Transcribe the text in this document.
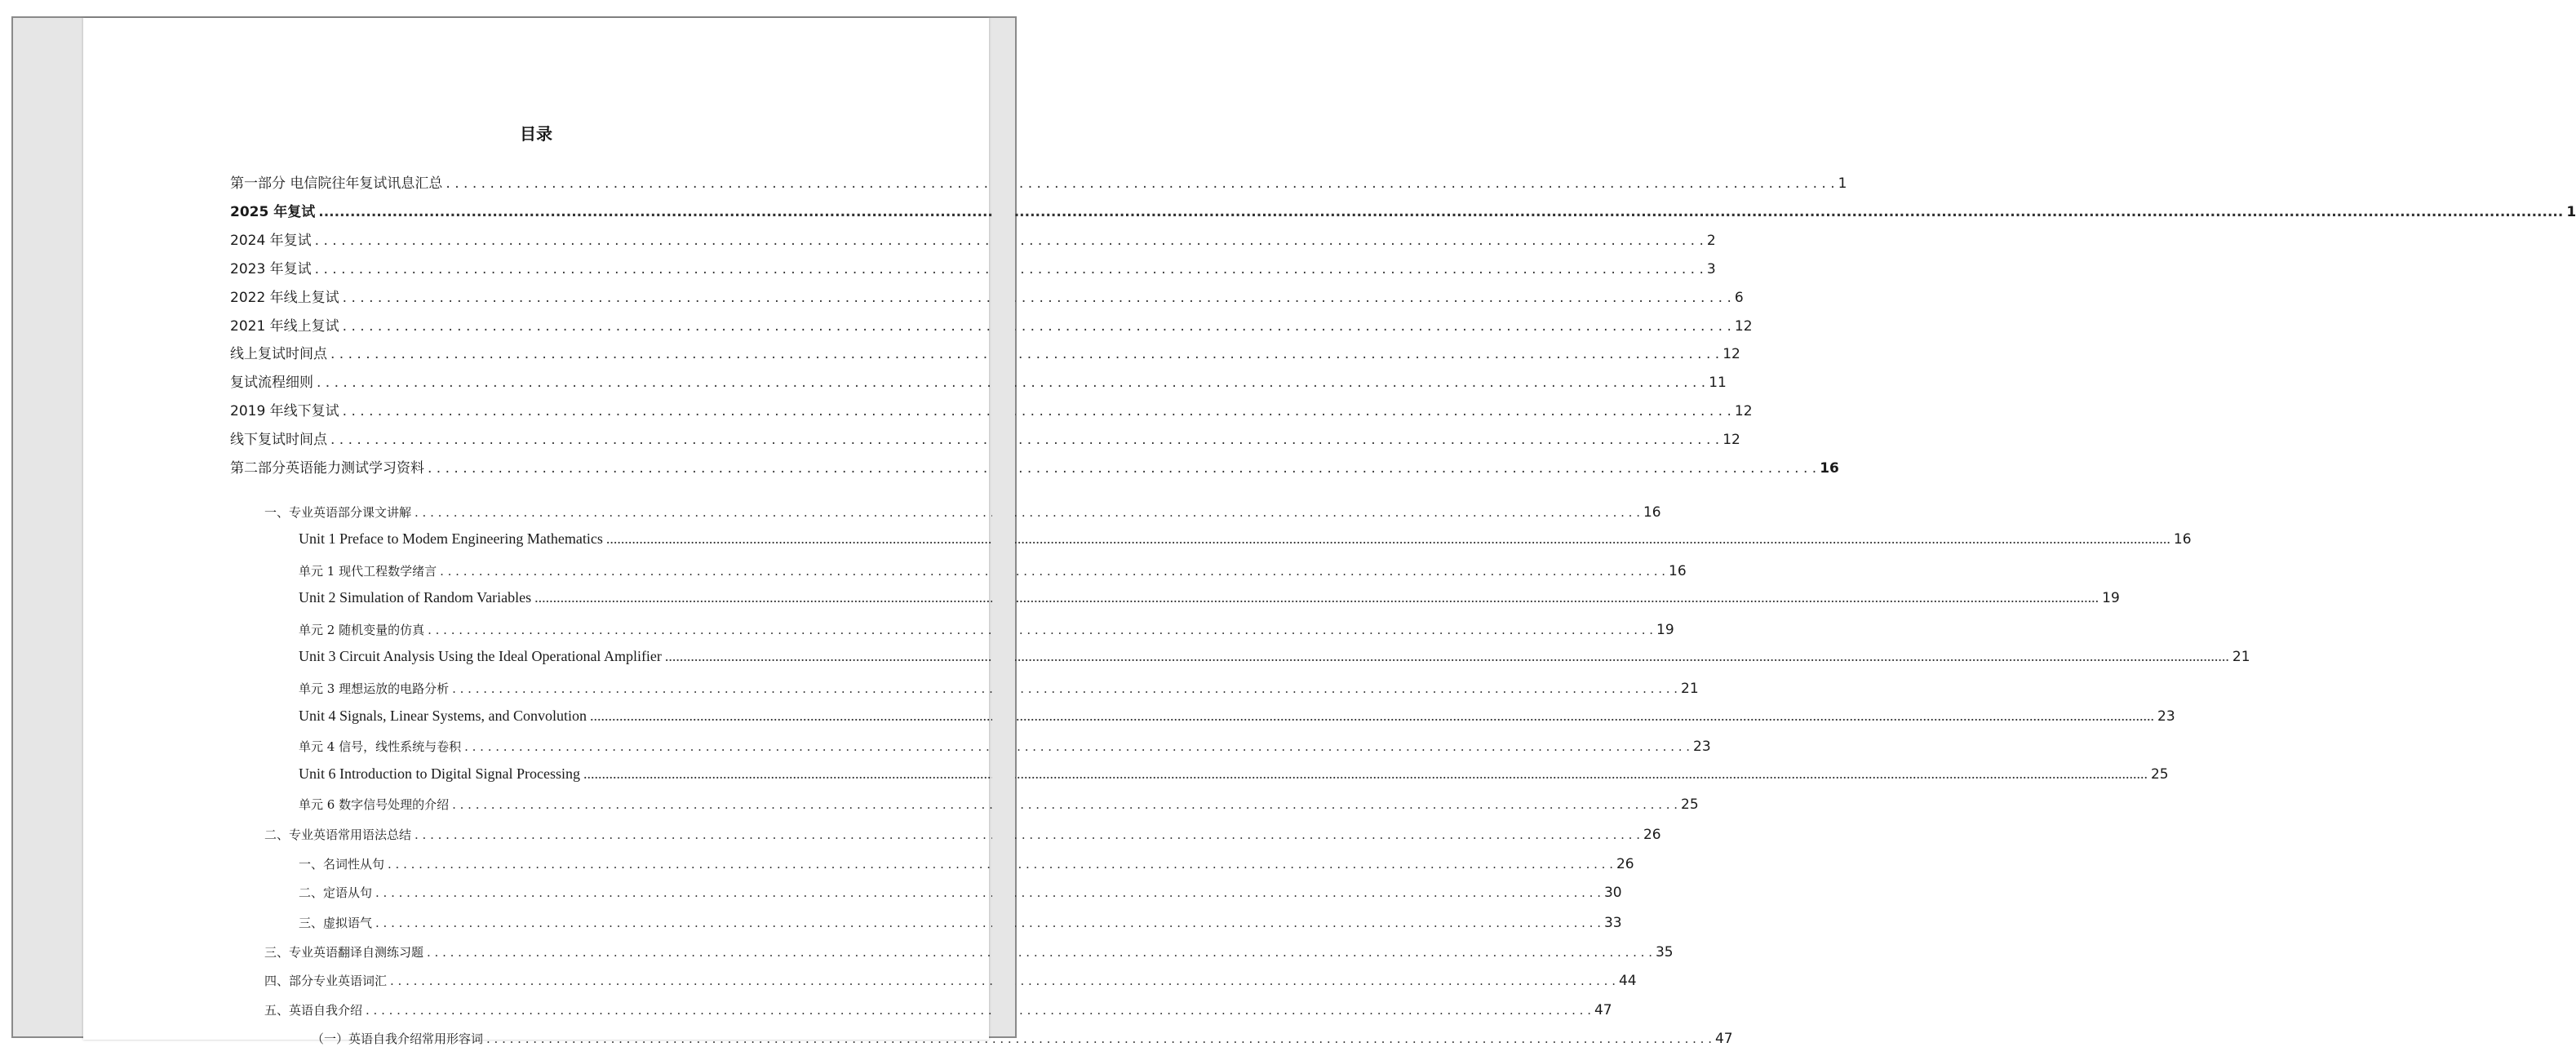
目录
第一部分 电信院往年复试讯息汇总 . . .	1
2025 年复试 .....	1
2024 年复试 . . .	2
2023 年复试 . . .	3
2022 年线上复试 . . .	6
2021 年线上复试 . . .	12
线上复试时间点 . . .	12
复试流程细则 . . .	11
2019 年线下复试 . . .	12
线下复试时间点 . . .	12
第二部分英语能力测试学习资料 . . .	16
一、专业英语部分课文讲解 . . .	16
Unit 1 Preface to Modem Engineering Mathematics .....	16
单元 1 现代工程数学绪言 . . .	16
Unit 2 Simulation of Random Variables .....	19
单元 2 随机变量的仿真 . . .	19
Unit 3 Circuit Analysis Using the Ideal Operational Amplifier .....	21
单元 3 理想运放的电路分析 . . .	21
Unit 4 Signals, Linear Systems, and Convolution .....	23
单元 4 信号，线性系统与卷积 . . .	23
Unit 6 Introduction to Digital Signal Processing .....	25
单元 6 数字信号处理的介绍 . . .	25
二、专业英语常用语法总结 . . .	26
一、名词性从句 . . .	26
二、定语从句 . . .	30
三、虚拟语气 . . .	33
三、专业英语翻译自测练习题 . . .	35
四、部分专业英语词汇 . . .	44
五、英语自我介绍 . . .	47
（一）英语自我介绍常用形容词 . . .	47
